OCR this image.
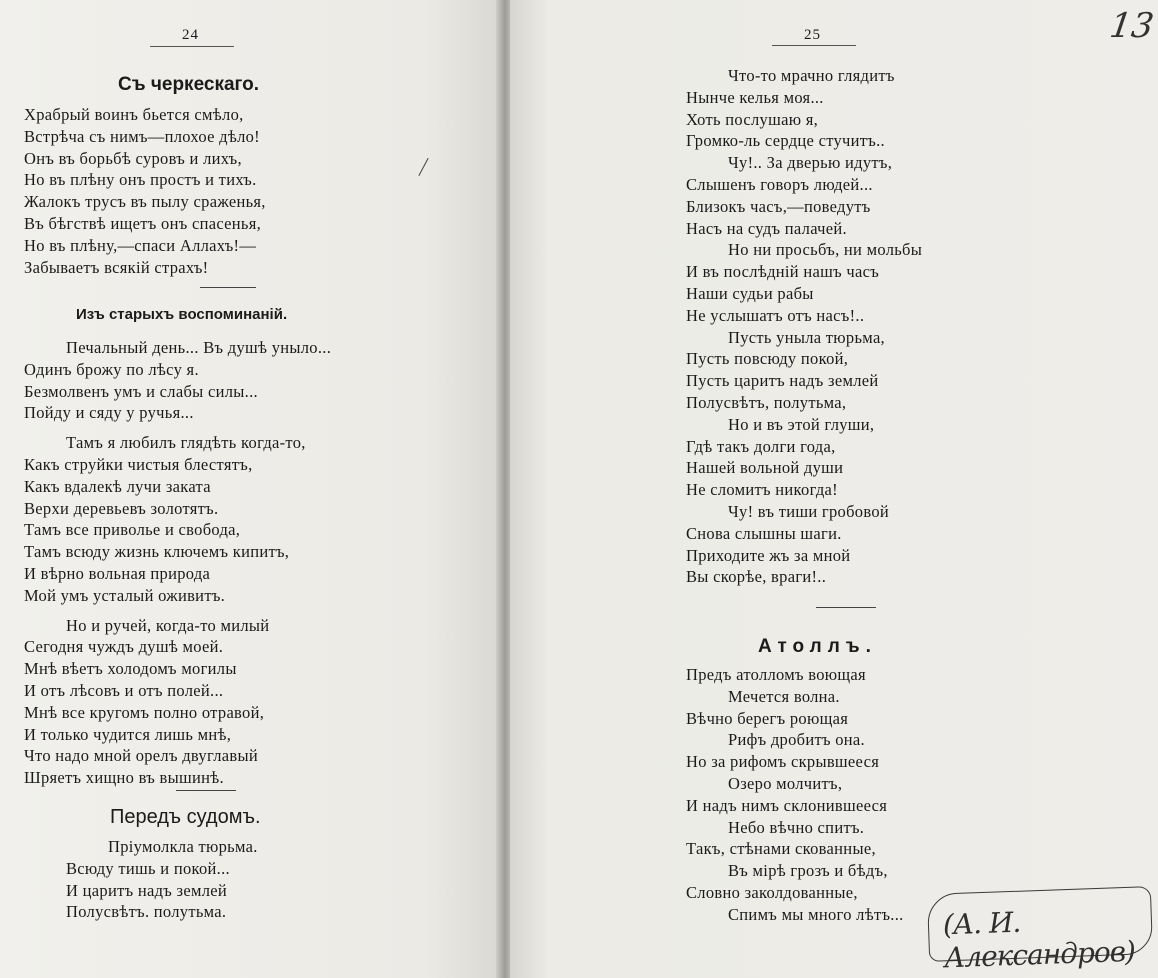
24
Съ черкескаго.
Храбрый воинъ бьется смѣло,
Встрѣча съ нимъ—плохое дѣло!
Онъ въ борьбѣ суровъ и лихъ,
Но въ плѣну онъ простъ и тихъ.
Жалокъ трусъ въ пылу сраженья,
Въ бѣгствѣ ищетъ онъ спасенья,
Но въ плѣну,—спаси Аллахъ!—
Забываетъ всякій страхъ!
Изъ старыхъ воспоминаній.
Печальный день... Въ душѣ уныло...
Одинъ брожу по лѣсу я.
Безмолвенъ умъ и слабы силы...
Пойду и сяду у ручья...
Тамъ я любилъ глядѣть когда-то,
Какъ струйки чистыя блестятъ,
Какъ вдалекѣ лучи заката
Верхи деревьевъ золотятъ.
Тамъ все приволье и свобода,
Тамъ всюду жизнь ключемъ кипитъ,
И вѣрно вольная природа
Мой умъ усталый оживитъ.
Но и ручей, когда-то милый
Сегодня чуждъ душѣ моей.
Мнѣ вѣетъ холодомъ могилы
И отъ лѣсовъ и отъ полей...
Мнѣ все кругомъ полно отравой,
И только чудится лишь мнѣ,
Что надо мной орелъ двуглавый
Шряетъ хищно въ вышинѣ.
Передъ судомъ.
Пріумолкла тюрьма.
Всюду тишь и покой...
И царитъ надъ землей
Полусвѣтъ. полутьма.
25
Что-то мрачно глядитъ
Нынче келья моя...
Хоть послушаю я,
Громко-ль сердце стучитъ..
Чу!.. За дверью идутъ,
Слышенъ говоръ людей...
Близокъ часъ,—поведутъ
Насъ на судъ палачей.
Но ни просьбъ, ни мольбы
И въ послѣдній нашъ часъ
Наши судьи рабы
Не услышатъ отъ насъ!..
Пусть уныла тюрьма,
Пусть повсюду покой,
Пусть царитъ надъ землей
Полусвѣтъ, полутьма,
Но и въ этой глуши,
Гдѣ такъ долги года,
Нашей вольной души
Не сломитъ никогда!
Чу! въ тиши гробовой
Снова слышны шаги.
Приходите жъ за мной
Вы скорѣе, враги!..
Атоллъ.
Предъ атолломъ воющая
Мечется волна.
Вѣчно берегъ роющая
Рифъ дробитъ она.
Но за рифомъ скрывшееся
Озеро молчитъ,
И надъ нимъ склонившееся
Небо вѣчно спитъ.
Такъ, стѣнами скованные,
Въ мірѣ грозъ и бѣдъ,
Словно заколдованные,
Спимъ мы много лѣтъ...
13
(А. И. Александров)
